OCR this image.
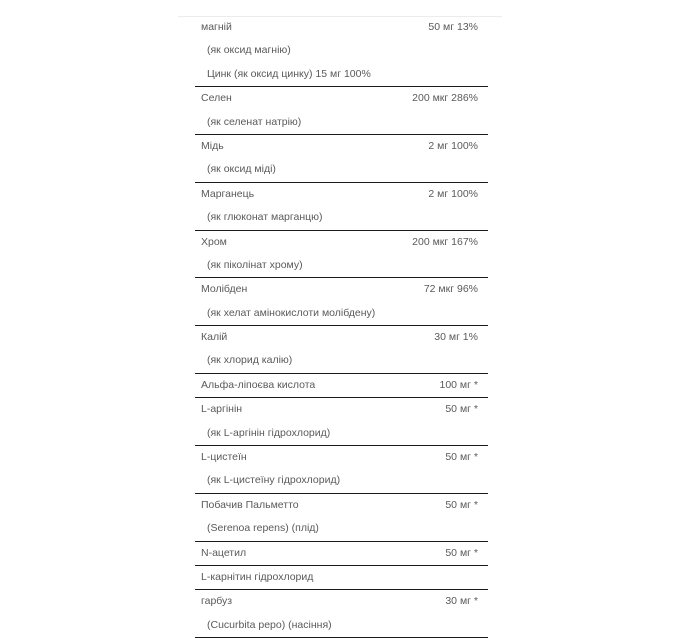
магній	50 мг 13%
(як оксид магнію)
Цинк (як оксид цинку) 15 мг 100%
Селен	200 мкг 286%
(як селенат натрію)
Мідь	2 мг 100%
(як оксид міді)
Марганець	2 мг 100%
(як глюконат марганцю)
Хром	200 мкг 167%
(як піколінат хрому)
Молібден	72 мкг 96%
(як хелат амінокислоти молібдену)
Калій	30 мг 1%
(як хлорид калію)
Альфа-ліпоєва кислота	100 мг *
L-аргінін	50 мг *
(як L-аргінін гідрохлорид)
L-цистеїн	50 мг *
(як L-цистеїну гідрохлорид)
Побачив Пальметто	50 мг *
(Serenoa repens) (плід)
N-ацетил	50 мг *
L-карнітин гідрохлорид
гарбуз	30 мг *
(Cucurbita pepo) (насіння)
